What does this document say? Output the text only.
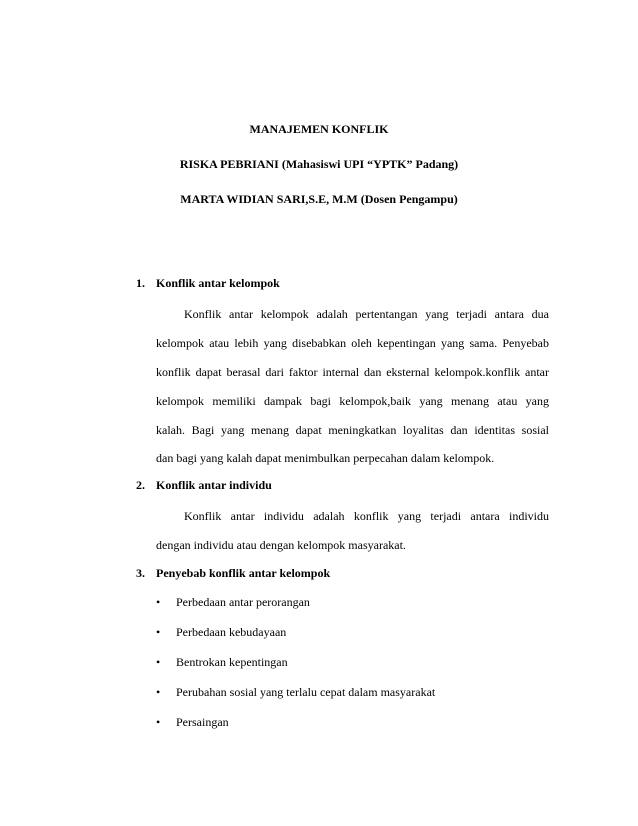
MANAJEMEN KONFLIK
RISKA PEBRIANI (Mahasiswi UPI “YPTK” Padang)
MARTA WIDIAN SARI,S.E, M.M (Dosen Pengampu)
1. Konflik antar kelompok
Konflik antar kelompok adalah pertentangan yang terjadi antara dua
kelompok atau lebih yang disebabkan oleh kepentingan yang sama. Penyebab
konflik dapat berasal dari faktor internal dan eksternal kelompok.konflik antar
kelompok memiliki dampak bagi kelompok,baik yang menang atau yang
kalah. Bagi yang menang dapat meningkatkan loyalitas dan identitas sosial
dan bagi yang kalah dapat menimbulkan perpecahan dalam kelompok.
2. Konflik antar individu
Konflik antar individu adalah konflik yang terjadi antara individu
dengan individu atau dengan kelompok masyarakat.
3. Penyebab konflik antar kelompok
• Perbedaan antar perorangan
• Perbedaan kebudayaan
• Bentrokan kepentingan
• Perubahan sosial yang terlalu cepat dalam masyarakat
• Persaingan
